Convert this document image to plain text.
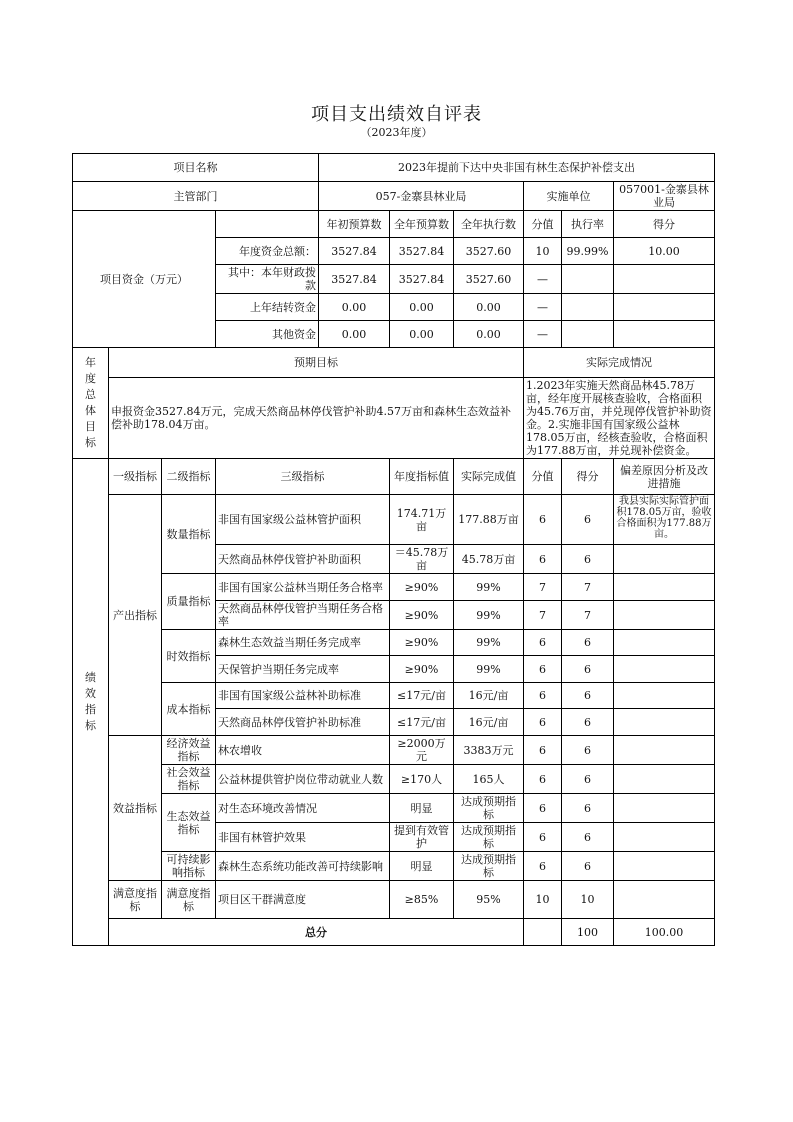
项目支出绩效自评表
（2023年度）
项目名称				2023年提前下达中央非国有林生态保护补偿支出						
主管部门				057-金寨县林业局			实施单位		057001-金寨县林业局	
项目资金（万元）				年初预算数	全年预算数	全年执行数	分值	执行率	得分	
			年度资金总额：	3527.84	3527.84	3527.60	10	99.99%	10.00	
			其中：本年财政拨款	3527.84	3527.84	3527.60	—			
			上年结转资金	0.00	0.00	0.00	—			
			其他资金	0.00	0.00	0.00	—			

年度总体目标	预期目标						实际完成情况			
	申报资金3527.84万元，完成天然商品林停伐管护补助4.57万亩和森林生态效益补偿补助178.04万亩。						1.2023年实施天然商品林45.78万亩，经年度开展核查验收，合格面积为45.76万亩，并兑现停伐管护补助资金。2.实施非国有国家级公益林178.05万亩，经核查验收，合格面积为177.88万亩，并兑现补偿资金。			

绩效指标	一级指标	二级指标	三级指标		年度指标值	实际完成值	分值	得分	偏差原因分析及改进措施	
	产出指标	数量指标	非国有国家级公益林管护面积		174.71万亩	177.88万亩	6	6	我县实际实际管护面积178.05万亩，验收合格面积为177.88万亩。	
			天然商品林停伐管护补助面积		＝45.78万亩	45.78万亩	6	6		
		质量指标	非国有国家公益林当期任务合格率		≥90%	99%	7	7		
			天然商品林停伐管护当期任务合格率		≥90%	99%	7	7		
		时效指标	森林生态效益当期任务完成率		≥90%	99%	6	6		
			天保管护当期任务完成率		≥90%	99%	6	6		
		成本指标	非国有国家级公益林补助标准		≤17元/亩	16元/亩	6	6		
			天然商品林停伐管护补助标准		≤17元/亩	16元/亩	6	6		
	效益指标	经济效益指标	林农增收		≥2000万元	3383万元	6	6		
		社会效益指标	公益林提供管护岗位带动就业人数		≥170人	165人	6	6		
		生态效益指标	对生态环境改善情况		明显	达成预期指标	6	6		
			非国有林管护效果		提到有效管护	达成预期指标	6	6		
		可持续影响指标	森林生态系统功能改善可持续影响		明显	达成预期指标	6	6		
	满意度指标	满意度指标	项目区干群满意度		≥85%	95%	10	10		
	总分							100	100.00	
